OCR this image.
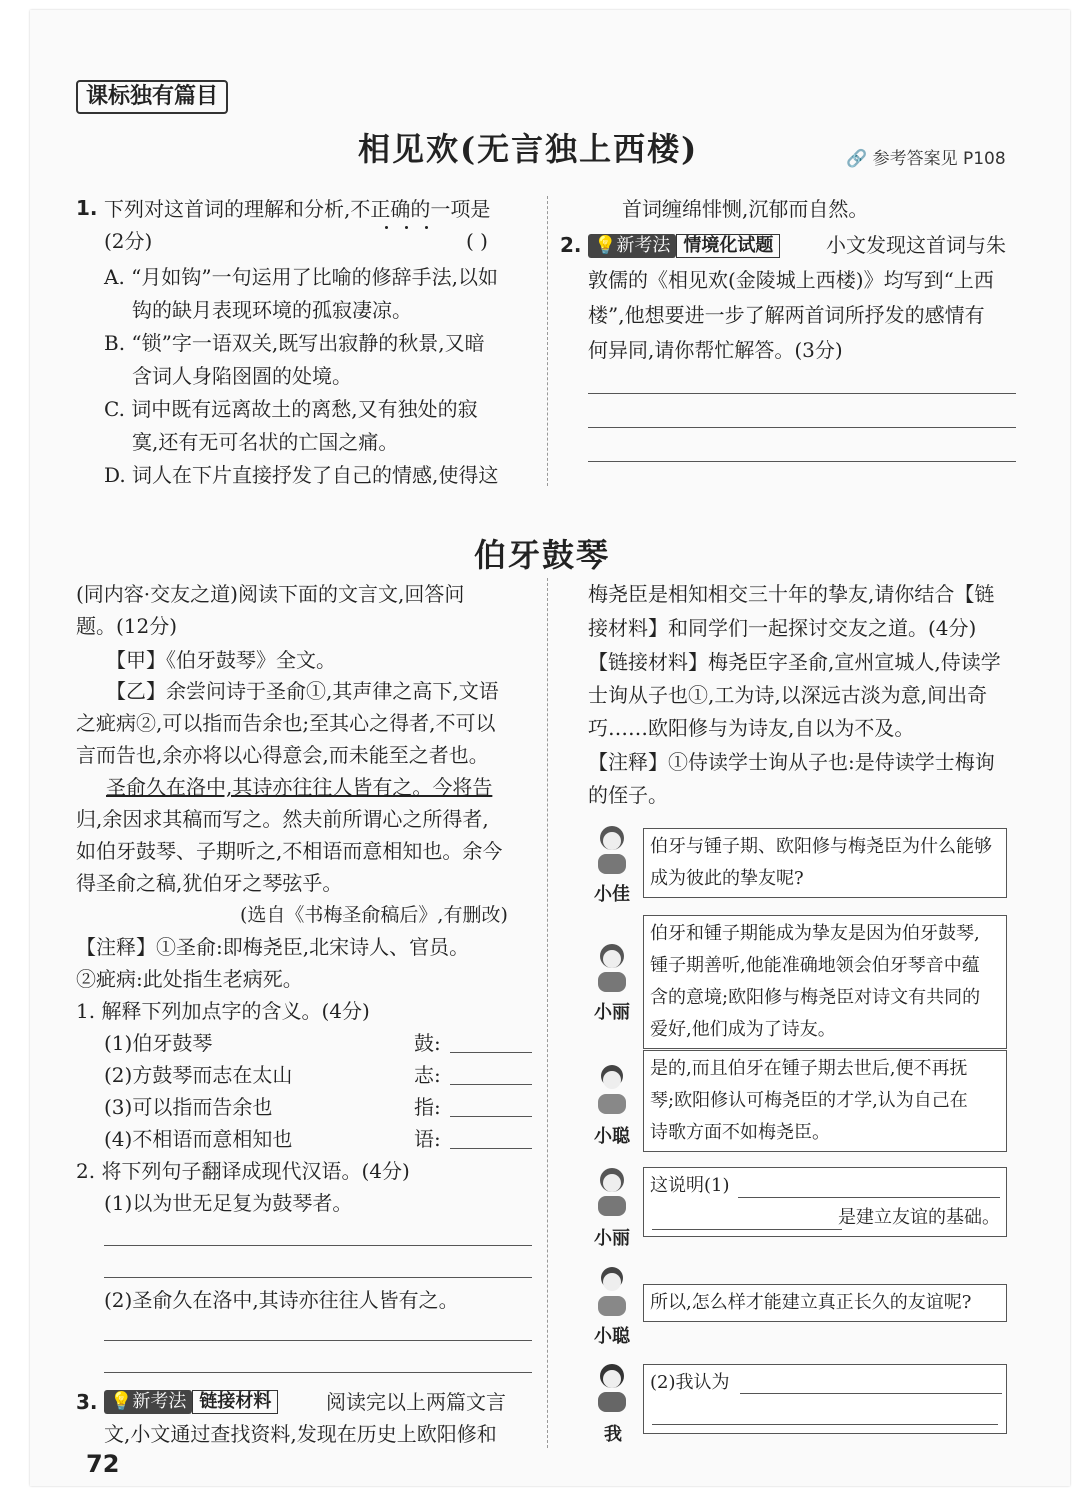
课标独有篇目
相见欢(无言独上西楼)	🔗 参考答案见 P108
1. 下列对这首词的理解和分析,不正确的一项是
(2分)	( )
A. “月如钩”一句运用了比喻的修辞手法,以如
钩的缺月表现环境的孤寂凄凉。
B. “锁”字一语双关,既写出寂静的秋景,又暗
含词人身陷囹圄的处境。
C. 词中既有远离故土的离愁,又有独处的寂
寞,还有无可名状的亡国之痛。
D. 词人在下片直接抒发了自己的情感,使得这
首词缠绵悱恻,沉郁而自然。
2. 💡新考法 情境化试题	小文发现这首词与朱
敦儒的《相见欢(金陵城上西楼)》均写到“上西
楼”,他想要进一步了解两首词所抒发的感情有
何异同,请你帮忙解答。(3分)
伯牙鼓琴
(同内容·交友之道)阅读下面的文言文,回答问
题。(12分)
【甲】《伯牙鼓琴》全文。
【乙】余尝问诗于圣俞①,其声律之高下,文语
之疵病②,可以指而告余也;至其心之得者,不可以
言而告也,余亦将以心得意会,而未能至之者也。
圣俞久在洛中,其诗亦往往人皆有之。今将告
归,余因求其稿而写之。然夫前所谓心之所得者,
如伯牙鼓琴、子期听之,不相语而意相知也。余今
得圣俞之稿,犹伯牙之琴弦乎。
(选自《书梅圣俞稿后》,有删改)
【注释】①圣俞:即梅尧臣,北宋诗人、官员。
②疵病:此处指生老病死。
1. 解释下列加点字的含义。(4分)
(1)伯牙鼓琴	鼓:
(2)方鼓琴而志在太山	志:
(3)可以指而告余也	指:
(4)不相语而意相知也	语:
2. 将下列句子翻译成现代汉语。(4分)
(1)以为世无足复为鼓琴者。
(2)圣俞久在洛中,其诗亦往往人皆有之。
3. 💡新考法 链接材料	阅读完以上两篇文言
文,小文通过查找资料,发现在历史上欧阳修和
梅尧臣是相知相交三十年的挚友,请你结合【链
接材料】和同学们一起探讨交友之道。(4分)
【链接材料】梅尧臣字圣俞,宣州宣城人,侍读学
士询从子也①,工为诗,以深远古淡为意,间出奇
巧……欧阳修与为诗友,自以为不及。
【注释】①侍读学士询从子也:是侍读学士梅询
的侄子。
小佳
伯牙与锺子期、欧阳修与梅尧臣为什么能够
成为彼此的挚友呢?
小丽
伯牙和锺子期能成为挚友是因为伯牙鼓琴,
锺子期善听,他能准确地领会伯牙琴音中蕴
含的意境;欧阳修与梅尧臣对诗文有共同的
爱好,他们成为了诗友。
小聪
是的,而且伯牙在锺子期去世后,便不再抚
琴;欧阳修认可梅尧臣的才学,认为自己在
诗歌方面不如梅尧臣。
小丽
这说明(1)
是建立友谊的基础。
小聪
所以,怎么样才能建立真正长久的友谊呢?
我
(2)我认为
72
